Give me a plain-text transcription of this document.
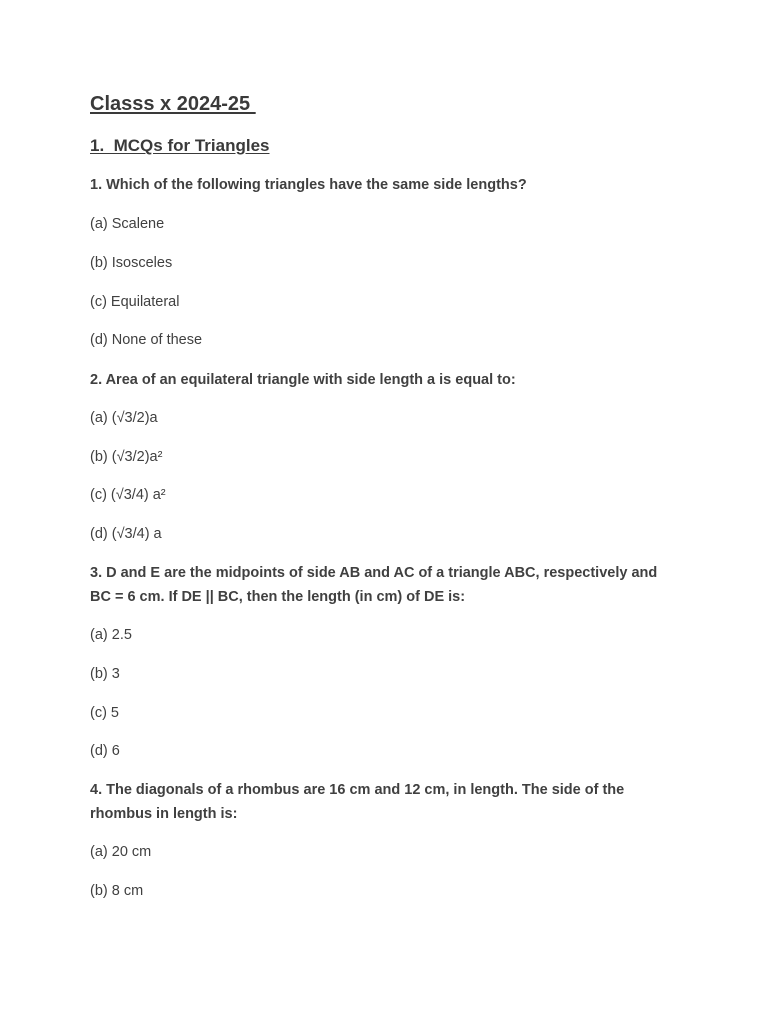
Classs x 2024-25
1.  MCQs for Triangles

1. Which of the following triangles have the same side lengths?

(a) Scalene

(b) Isosceles

(c) Equilateral

(d) None of these

2. Area of an equilateral triangle with side length a is equal to:

(a) (√3/2)a

(b) (√3/2)a²

(c) (√3/4) a²

(d) (√3/4) a

3. D and E are the midpoints of side AB and AC of a triangle ABC, respectively and BC = 6 cm. If DE || BC, then the length (in cm) of DE is:

(a) 2.5

(b) 3

(c) 5

(d) 6

4. The diagonals of a rhombus are 16 cm and 12 cm, in length. The side of the rhombus in length is:

(a) 20 cm

(b) 8 cm
